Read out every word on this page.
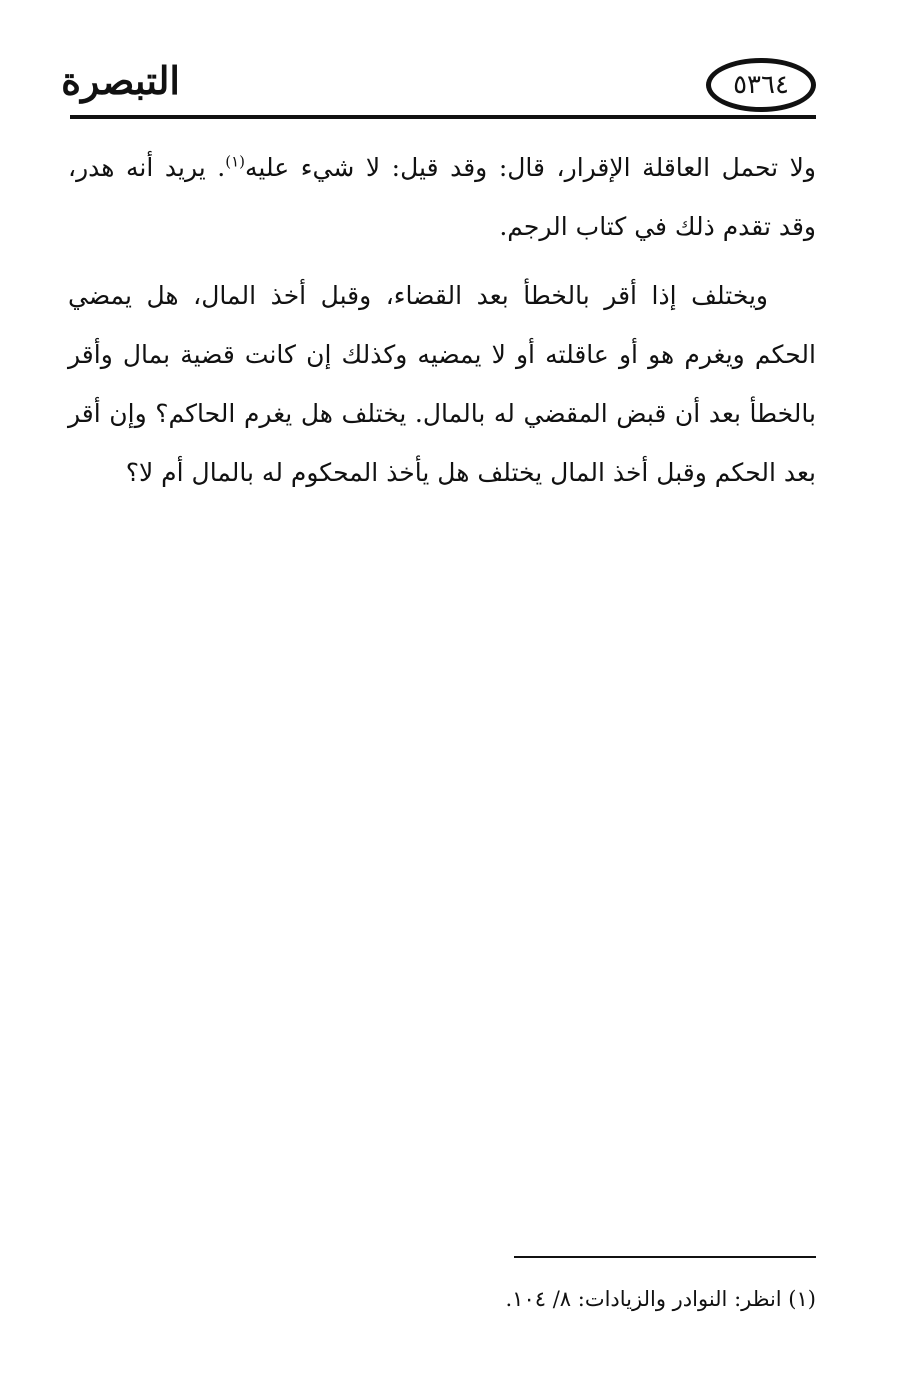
التبصرة	٥٣٦٤

ولا تحمل العاقلة الإقرار، قال: وقد قيل: لا شيء عليه$^{(١)}$. يريد أنه هدر، وقد تقدم ذلك في كتاب الرجم.

ويختلف إذا أقر بالخطأ بعد القضاء، وقبل أخذ المال، هل يمضي الحكم ويغرم هو أو عاقلته أو لا يمضيه وكذلك إن كانت قضية بمال وأقر بالخطأ بعد أن قبض المقضي له بالمال. يختلف هل يغرم الحاكم؟ وإن أقر بعد الحكم وقبل أخذ المال يختلف هل يأخذ المحكوم له بالمال أم لا؟

(١) انظر: النوادر والزيادات: ٨/ ١٠٤.
